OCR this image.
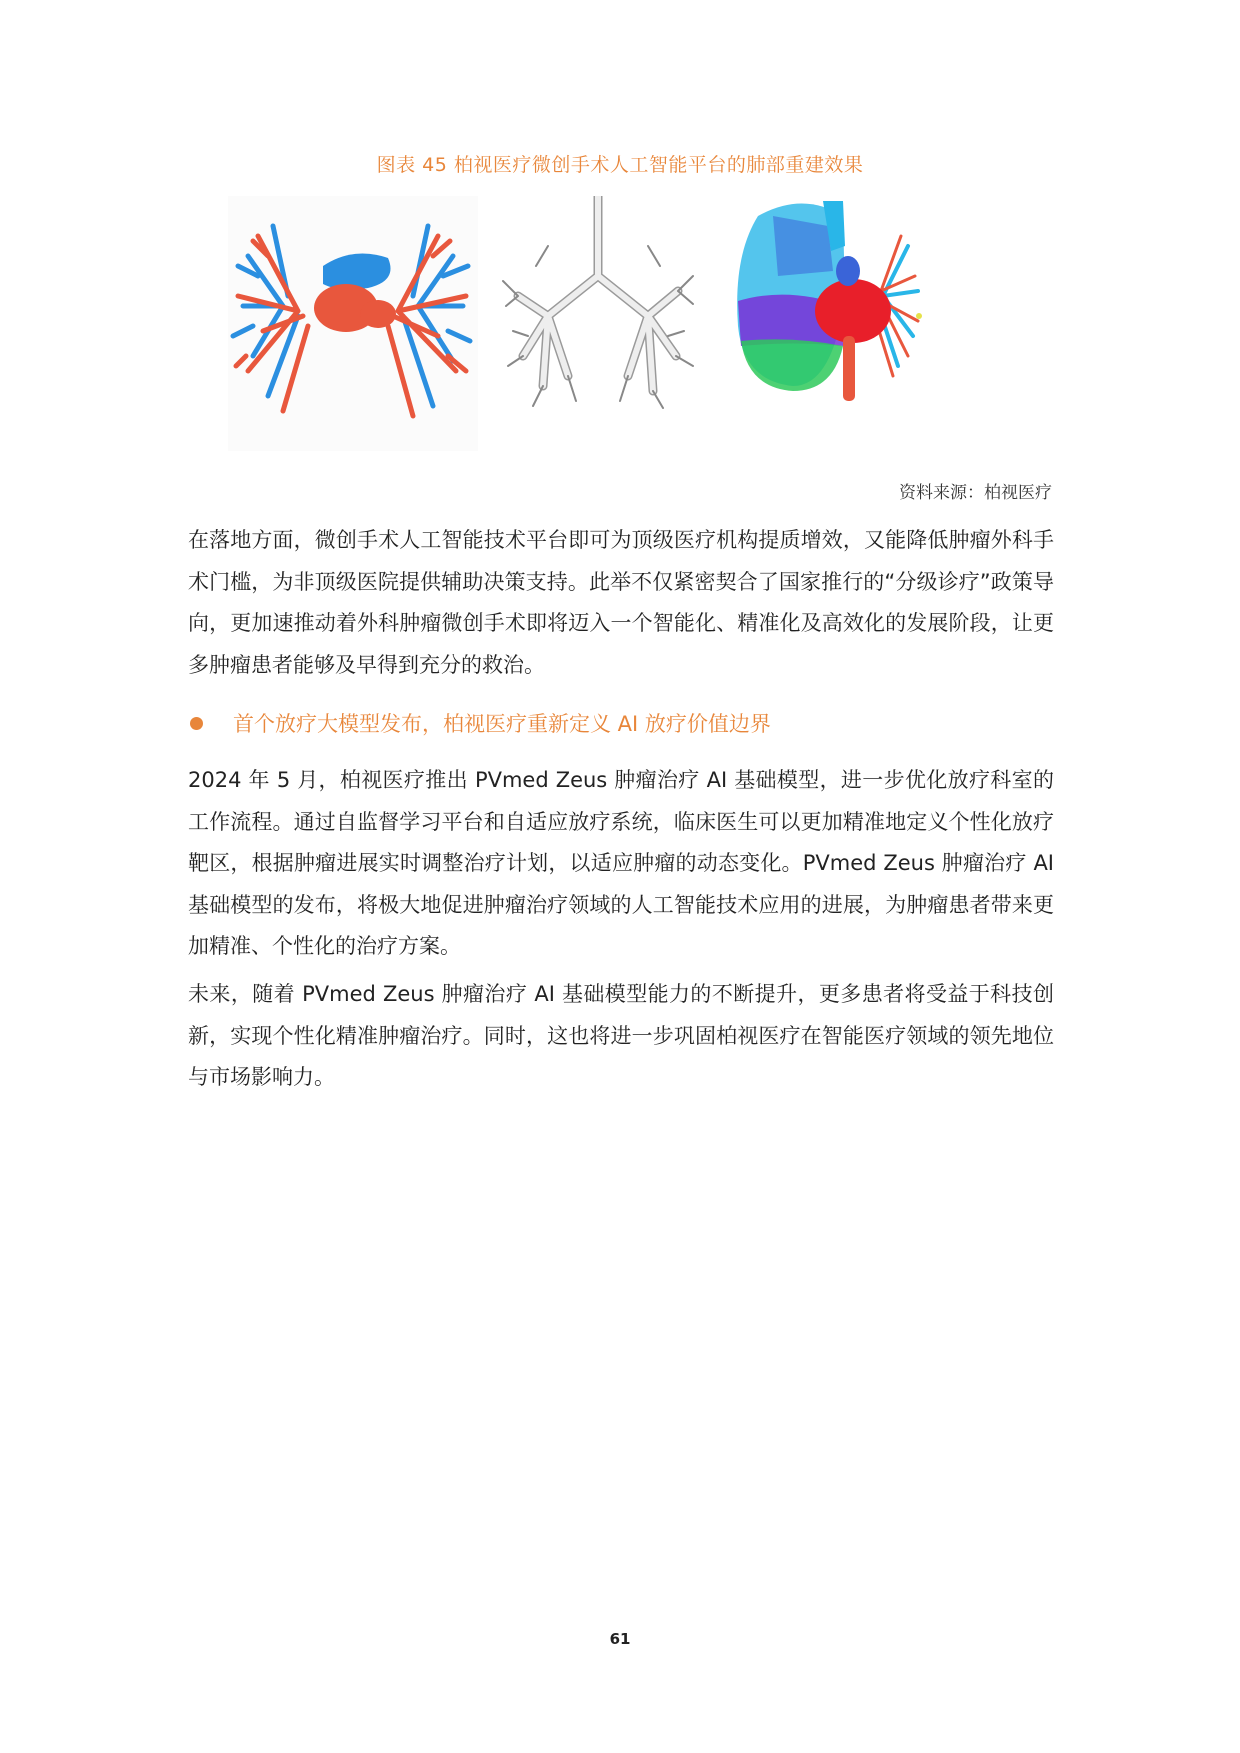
图表 45 柏视医疗微创手术人工智能平台的肺部重建效果
资料来源：柏视医疗

在落地方面，微创手术人工智能技术平台即可为顶级医疗机构提质增效，又能降低肿瘤外科手术门槛，为非顶级医院提供辅助决策支持。此举不仅紧密契合了国家推行的“分级诊疗”政策导向，更加速推动着外科肿瘤微创手术即将迈入一个智能化、精准化及高效化的发展阶段，让更多肿瘤患者能够及早得到充分的救治。

首个放疗大模型发布，柏视医疗重新定义 AI 放疗价值边界

2024 年 5 月，柏视医疗推出 PVmed Zeus 肿瘤治疗 AI 基础模型，进一步优化放疗科室的工作流程。通过自监督学习平台和自适应放疗系统，临床医生可以更加精准地定义个性化放疗靶区，根据肿瘤进展实时调整治疗计划，以适应肿瘤的动态变化。PVmed Zeus 肿瘤治疗 AI 基础模型的发布，将极大地促进肿瘤治疗领域的人工智能技术应用的进展，为肿瘤患者带来更加精准、个性化的治疗方案。

未来，随着 PVmed Zeus 肿瘤治疗 AI 基础模型能力的不断提升，更多患者将受益于科技创新，实现个性化精准肿瘤治疗。同时，这也将进一步巩固柏视医疗在智能医疗领域的领先地位与市场影响力。

61
